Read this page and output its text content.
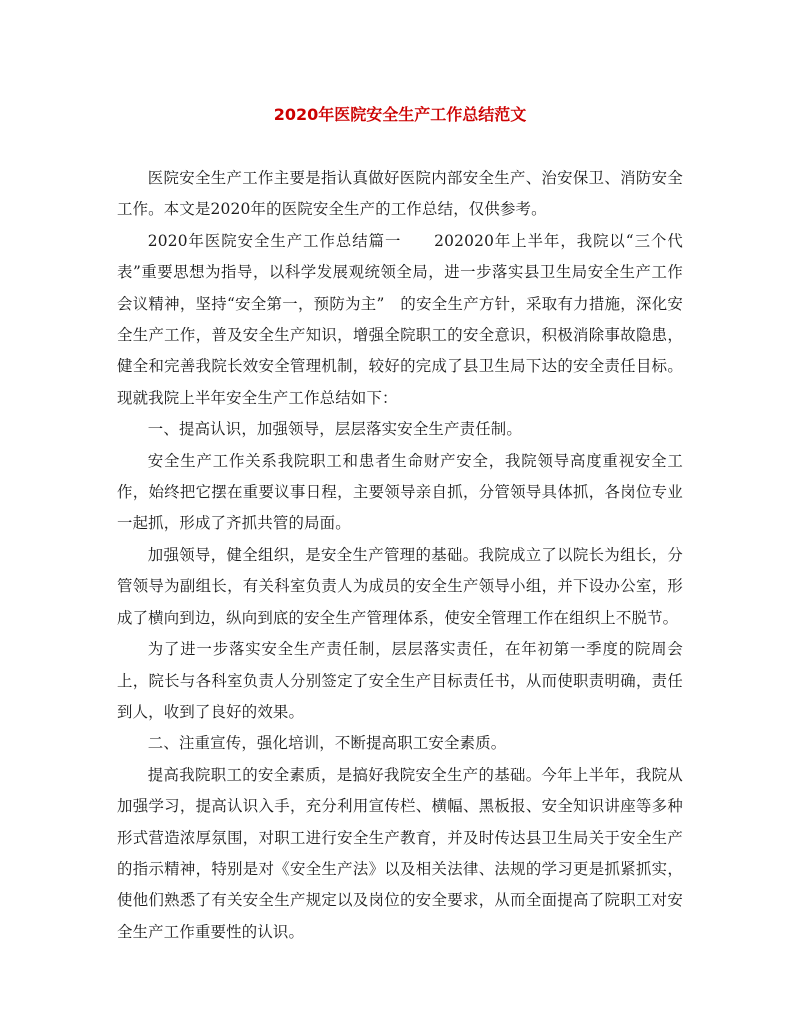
2020年医院安全生产工作总结范文

医院安全生产工作主要是指认真做好医院内部安全生产、治安保卫、消防安全工作。本文是2020年的医院安全生产的工作总结，仅供参考。

2020年医院安全生产工作总结篇一　　202020年上半年，我院以“三个代表”重要思想为指导，以科学发展观统领全局，进一步落实县卫生局安全生产工作会议精神，坚持“安全第一，预防为主”　的安全生产方针，采取有力措施，深化安全生产工作，普及安全生产知识，增强全院职工的安全意识，积极消除事故隐患，健全和完善我院长效安全管理机制，较好的完成了县卫生局下达的安全责任目标。现就我院上半年安全生产工作总结如下：

一、提高认识，加强领导，层层落实安全生产责任制。

安全生产工作关系我院职工和患者生命财产安全，我院领导高度重视安全工作，始终把它摆在重要议事日程，主要领导亲自抓，分管领导具体抓，各岗位专业一起抓，形成了齐抓共管的局面。

加强领导，健全组织，是安全生产管理的基础。我院成立了以院长为组长，分管领导为副组长，有关科室负责人为成员的安全生产领导小组，并下设办公室，形成了横向到边，纵向到底的安全生产管理体系，使安全管理工作在组织上不脱节。

为了进一步落实安全生产责任制，层层落实责任，在年初第一季度的院周会上，院长与各科室负责人分别签定了安全生产目标责任书，从而使职责明确，责任到人，收到了良好的效果。

二、注重宣传，强化培训，不断提高职工安全素质。

提高我院职工的安全素质，是搞好我院安全生产的基础。今年上半年，我院从加强学习，提高认识入手，充分利用宣传栏、横幅、黑板报、安全知识讲座等多种形式营造浓厚氛围，对职工进行安全生产教育，并及时传达县卫生局关于安全生产的指示精神，特别是对《安全生产法》以及相关法律、法规的学习更是抓紧抓实，使他们熟悉了有关安全生产规定以及岗位的安全要求，从而全面提高了院职工对安全生产工作重要性的认识。
